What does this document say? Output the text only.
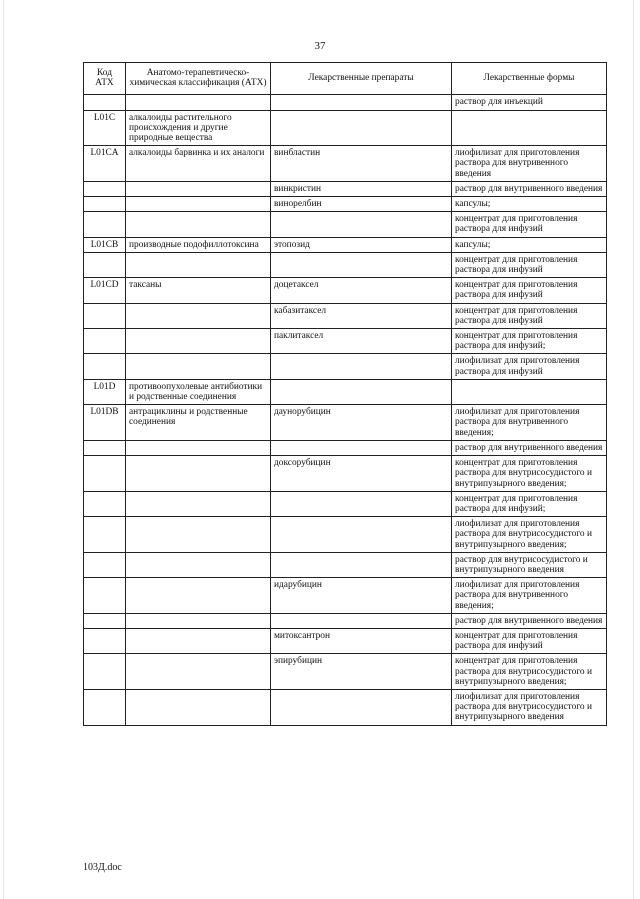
37
Код АТХ	Анатомо-терапевтическо-химическая классификация (АТХ)	Лекарственные препараты	Лекарственные формы
			раствор для инъекций
L01C	алкалоиды растительного происхождения и другие природные вещества		
L01CA	алкалоиды барвинка и их аналоги	винбластин	лиофилизат для приготовления раствора для внутривенного введения
		винкристин	раствор для внутривенного введения
		винорелбин	капсулы;
			концентрат для приготовления раствора для инфузий
L01CB	производные подофиллотоксина	этопозид	капсулы;
			концентрат для приготовления раствора для инфузий
L01CD	таксаны	доцетаксел	концентрат для приготовления раствора для инфузий
		кабазитаксел	концентрат для приготовления раствора для инфузий
		паклитаксел	концентрат для приготовления раствора для инфузий;
			лиофилизат для приготовления раствора для инфузий
L01D	противоопухолевые антибиотики и родственные соединения		
L01DB	антрациклины и родственные соединения	даунорубицин	лиофилизат для приготовления раствора для внутривенного введения;
			раствор для внутривенного введения
		доксорубицин	концентрат для приготовления раствора для внутрисосудистого и внутрипузырного введения;
			концентрат для приготовления раствора для инфузий;
			лиофилизат для приготовления раствора для внутрисосудистого и внутрипузырного введения;
			раствор для внутрисосудистого и внутрипузырного введения
		идарубицин	лиофилизат для приготовления раствора для внутривенного введения;
			раствор для внутривенного введения
		митоксантрон	концентрат для приготовления раствора для инфузий
		эпирубицин	концентрат для приготовления раствора для внутрисосудистого и внутрипузырного введения;
			лиофилизат для приготовления раствора для внутрисосудистого и внутрипузырного введения
103Д.doc
